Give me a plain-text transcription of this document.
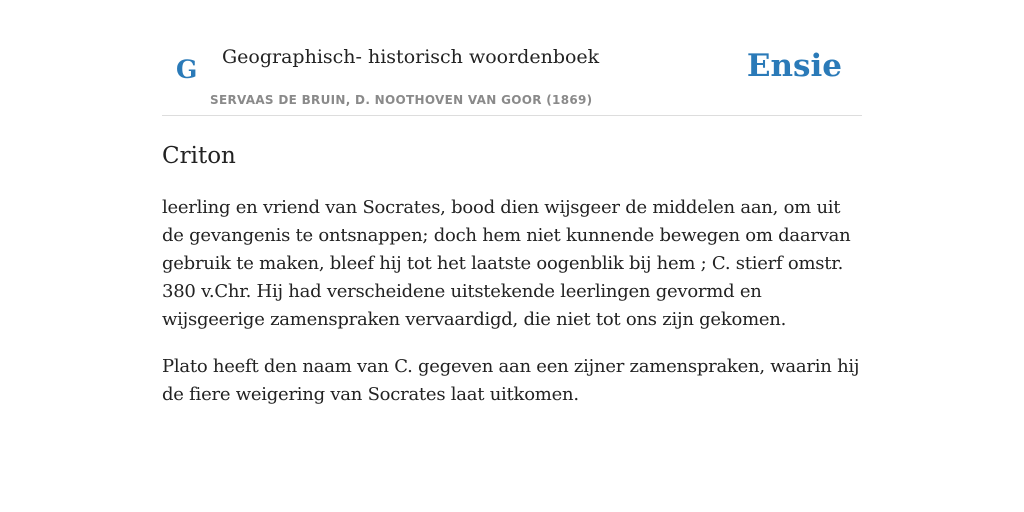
G	Geographisch- historisch woordenboek
SERVAAS DE BRUIN, D. NOOTHOVEN VAN GOOR (1869)
Ensie
Criton

leerling en vriend van Socrates, bood dien wijsgeer de middelen aan, om uit de gevangenis te ontsnappen; doch hem niet kunnende bewegen om daarvan gebruik te maken, bleef hij tot het laatste oogenblik bij hem ; C. stierf omstr. 380 v.Chr. Hij had verscheidene uitstekende leerlingen gevormd en wijsgeerige zamenspraken vervaardigd, die niet tot ons zijn gekomen.

Plato heeft den naam van C. gegeven aan een zijner zamenspraken, waarin hij de fiere weigering van Socrates laat uitkomen.
